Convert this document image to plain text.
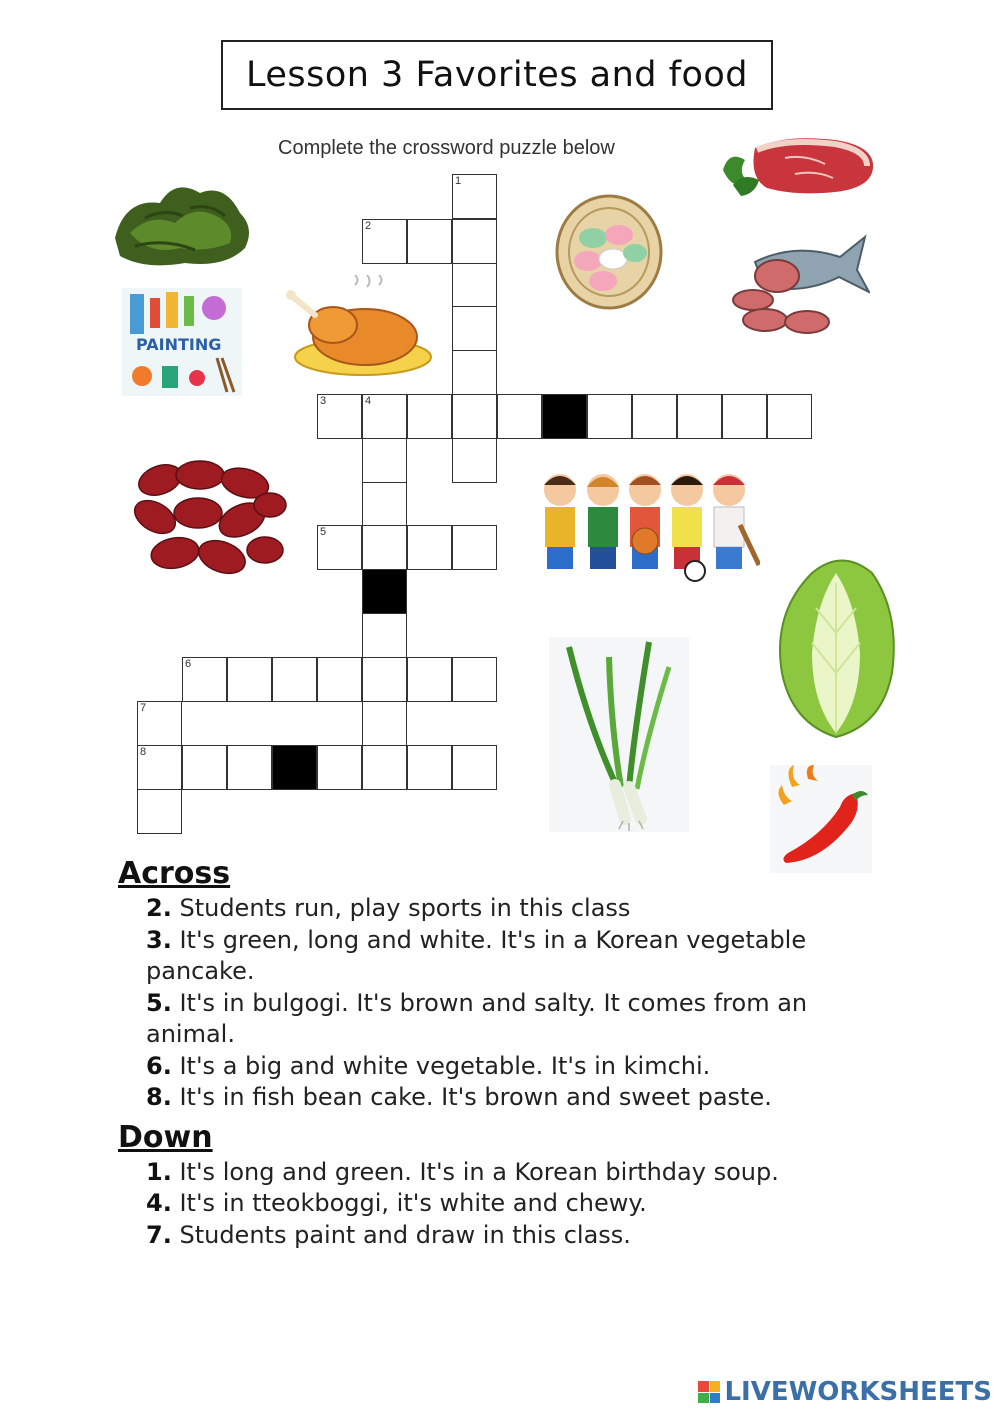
Lesson 3 Favorites and food
Complete the crossword puzzle below
1
2
3	4
5
6
7
8
PAINTING
Across
2. Students run, play sports in this class
3. It's green, long and white. It's in a Korean vegetable pancake.
5. It's in bulgogi. It's brown and salty. It comes from an animal.
6. It's a big and white vegetable. It's in kimchi.
8. It's in fish bean cake. It's brown and sweet paste.
Down
1. It's long and green. It's in a Korean birthday soup.
4. It's in tteokboggi, it's white and chewy.
7. Students paint and draw in this class.
LIVEWORKSHEETS
